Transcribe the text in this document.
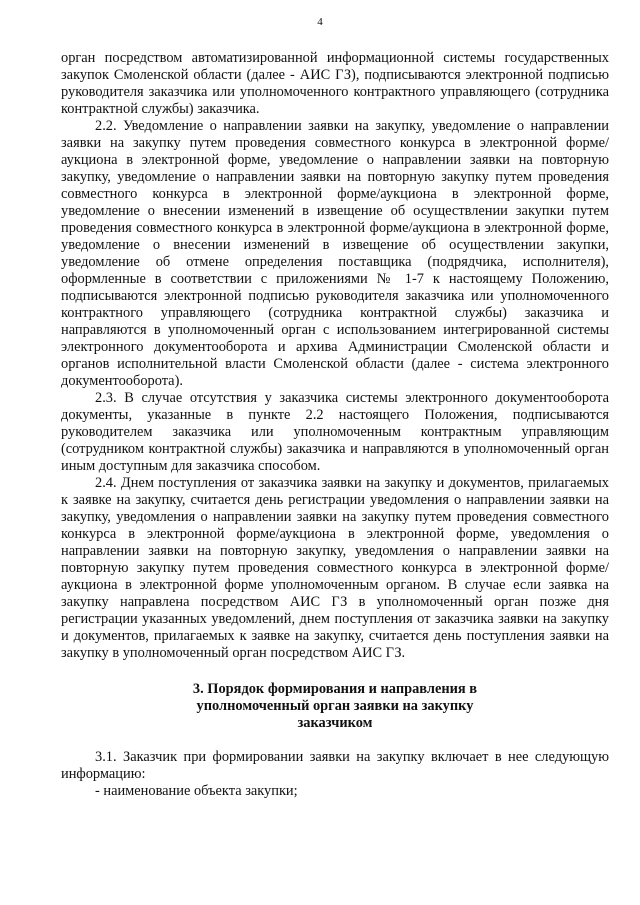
4

орган посредством автоматизированной информационной системы государственных закупок Смоленской области (далее - АИС ГЗ), подписываются электронной подписью руководителя заказчика или уполномоченного контрактного управляющего (сотрудника контрактной службы) заказчика.

2.2. Уведомление о направлении заявки на закупку, уведомление о направлении заявки на закупку путем проведения совместного конкурса в электронной форме/аукциона в электронной форме, уведомление о направлении заявки на повторную закупку, уведомление о направлении заявки на повторную закупку путем проведения совместного конкурса в электронной форме/аукциона в электронной форме, уведомление о внесении изменений в извещение об осуществлении закупки путем проведения совместного конкурса в электронной форме/аукциона в электронной форме, уведомление о внесении изменений в извещение об осуществлении закупки, уведомление об отмене определения поставщика (подрядчика, исполнителя), оформленные в соответствии с приложениями № 1-7 к настоящему Положению, подписываются электронной подписью руководителя заказчика или уполномоченного контрактного управляющего (сотрудника контрактной службы) заказчика и направляются в уполномоченный орган с использованием интегрированной системы электронного документооборота и архива Администрации Смоленской области и органов исполнительной власти Смоленской области (далее - система электронного документооборота).

2.3. В случае отсутствия у заказчика системы электронного документооборота документы, указанные в пункте 2.2 настоящего Положения, подписываются руководителем заказчика или уполномоченным контрактным управляющим (сотрудником контрактной службы) заказчика и направляются в уполномоченный орган иным доступным для заказчика способом.

2.4. Днем поступления от заказчика заявки на закупку и документов, прилагаемых к заявке на закупку, считается день регистрации уведомления о направлении заявки на закупку, уведомления о направлении заявки на закупку путем проведения совместного конкурса в электронной форме/аукциона в электронной форме, уведомления о направлении заявки на повторную закупку, уведомления о направлении заявки на повторную закупку путем проведения совместного конкурса в электронной форме/аукциона в электронной форме уполномоченным органом. В случае если заявка на закупку направлена посредством АИС ГЗ в уполномоченный орган позже дня регистрации указанных уведомлений, днем поступления от заказчика заявки на закупку и документов, прилагаемых к заявке на закупку, считается день поступления заявки на закупку в уполномоченный орган посредством АИС ГЗ.

3. Порядок формирования и направления в
уполномоченный орган заявки на закупку
заказчиком

3.1. Заказчик при формировании заявки на закупку включает в нее следующую информацию:

- наименование объекта закупки;
